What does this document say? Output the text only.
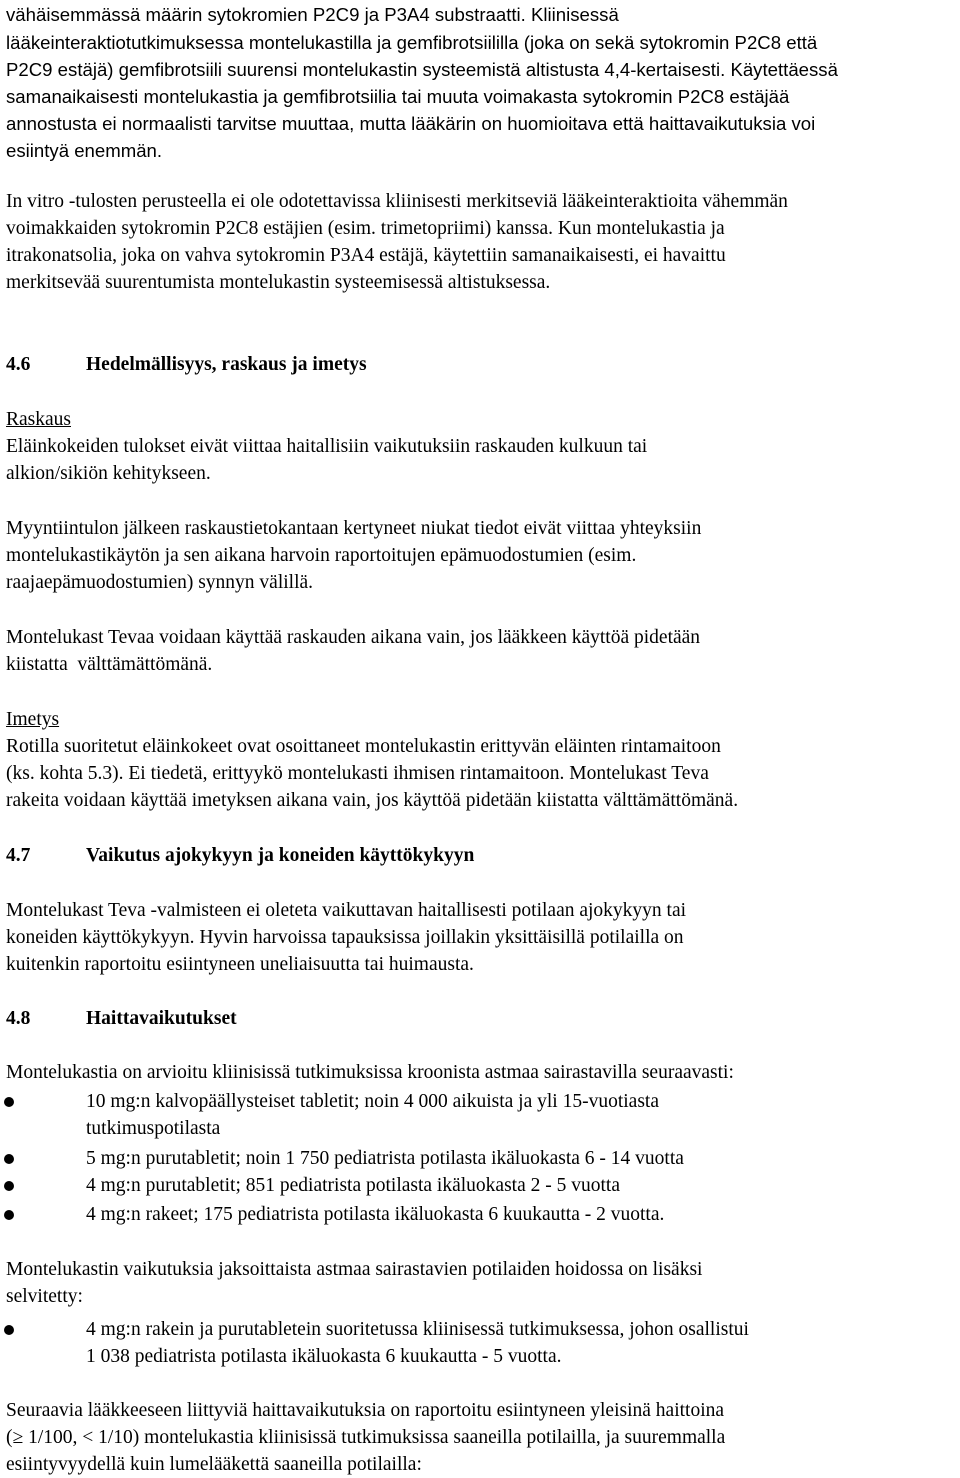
vähäisemmässä määrin sytokromien P2C9 ja P3A4 substraatti. Kliinisessä
lääkeinteraktiotutkimuksessa montelukastilla ja gemfibrotsiililla (joka on sekä sytokromin P2C8 että
P2C9 estäjä) gemfibrotsiili suurensi montelukastin systeemistä altistusta 4,4-kertaisesti. Käytettäessä
samanaikaisesti montelukastia ja gemfibrotsiilia tai muuta voimakasta sytokromin P2C8 estäjää
annostusta ei normaalisti tarvitse muuttaa, mutta lääkärin on huomioitava että haittavaikutuksia voi
esiintyä enemmän.
In vitro -tulosten perusteella ei ole odotettavissa kliinisesti merkitseviä lääkeinteraktioita vähemmän
voimakkaiden sytokromin P2C8 estäjien (esim. trimetopriimi) kanssa. Kun montelukastia ja
itrakonatsolia, joka on vahva sytokromin P3A4 estäjä, käytettiin samanaikaisesti, ei havaittu
merkitsevää suurentumista montelukastin systeemisessä altistuksessa.
4.6	Hedelmällisyys, raskaus ja imetys
Raskaus
Eläinkokeiden tulokset eivät viittaa haitallisiin vaikutuksiin raskauden kulkuun tai
alkion/sikiön kehitykseen.
Myyntiintulon jälkeen raskaustietokantaan kertyneet niukat tiedot eivät viittaa yhteyksiin
montelukastikäytön ja sen aikana harvoin raportoitujen epämuodostumien (esim.
raajaepämuodostumien) synnyn välillä.
Montelukast Tevaa voidaan käyttää raskauden aikana vain, jos lääkkeen käyttöä pidetään
kiistatta  välttämättömänä.
Imetys
Rotilla suoritetut eläinkokeet ovat osoittaneet montelukastin erittyvän eläinten rintamaitoon
(ks. kohta 5.3). Ei tiedetä, erittyykö montelukasti ihmisen rintamaitoon. Montelukast Teva
rakeita voidaan käyttää imetyksen aikana vain, jos käyttöä pidetään kiistatta välttämättömänä.
4.7	Vaikutus ajokykyyn ja koneiden käyttökykyyn
Montelukast Teva -valmisteen ei oleteta vaikuttavan haitallisesti potilaan ajokykyyn tai
koneiden käyttökykyyn. Hyvin harvoissa tapauksissa joillakin yksittäisillä potilailla on
kuitenkin raportoitu esiintyneen uneliaisuutta tai huimausta.
4.8	Haittavaikutukset
Montelukastia on arvioitu kliinisissä tutkimuksissa kroonista astmaa sairastavilla seuraavasti:
10 mg:n kalvopäällysteiset tabletit; noin 4 000 aikuista ja yli 15-vuotiasta
tutkimuspotilasta
5 mg:n purutabletit; noin 1 750 pediatrista potilasta ikäluokasta 6 - 14 vuotta
4 mg:n purutabletit; 851 pediatrista potilasta ikäluokasta 2 - 5 vuotta
4 mg:n rakeet; 175 pediatrista potilasta ikäluokasta 6 kuukautta - 2 vuotta.
Montelukastin vaikutuksia jaksoittaista astmaa sairastavien potilaiden hoidossa on lisäksi
selvitetty:
4 mg:n rakein ja purutabletein suoritetussa kliinisessä tutkimuksessa, johon osallistui
1 038 pediatrista potilasta ikäluokasta 6 kuukautta - 5 vuotta.
Seuraavia lääkkeeseen liittyviä haittavaikutuksia on raportoitu esiintyneen yleisinä haittoina
(≥ 1/100, < 1/10) montelukastia kliinisissä tutkimuksissa saaneilla potilailla, ja suuremmalla
esiintyvyydellä kuin lumelääkettä saaneilla potilailla:
